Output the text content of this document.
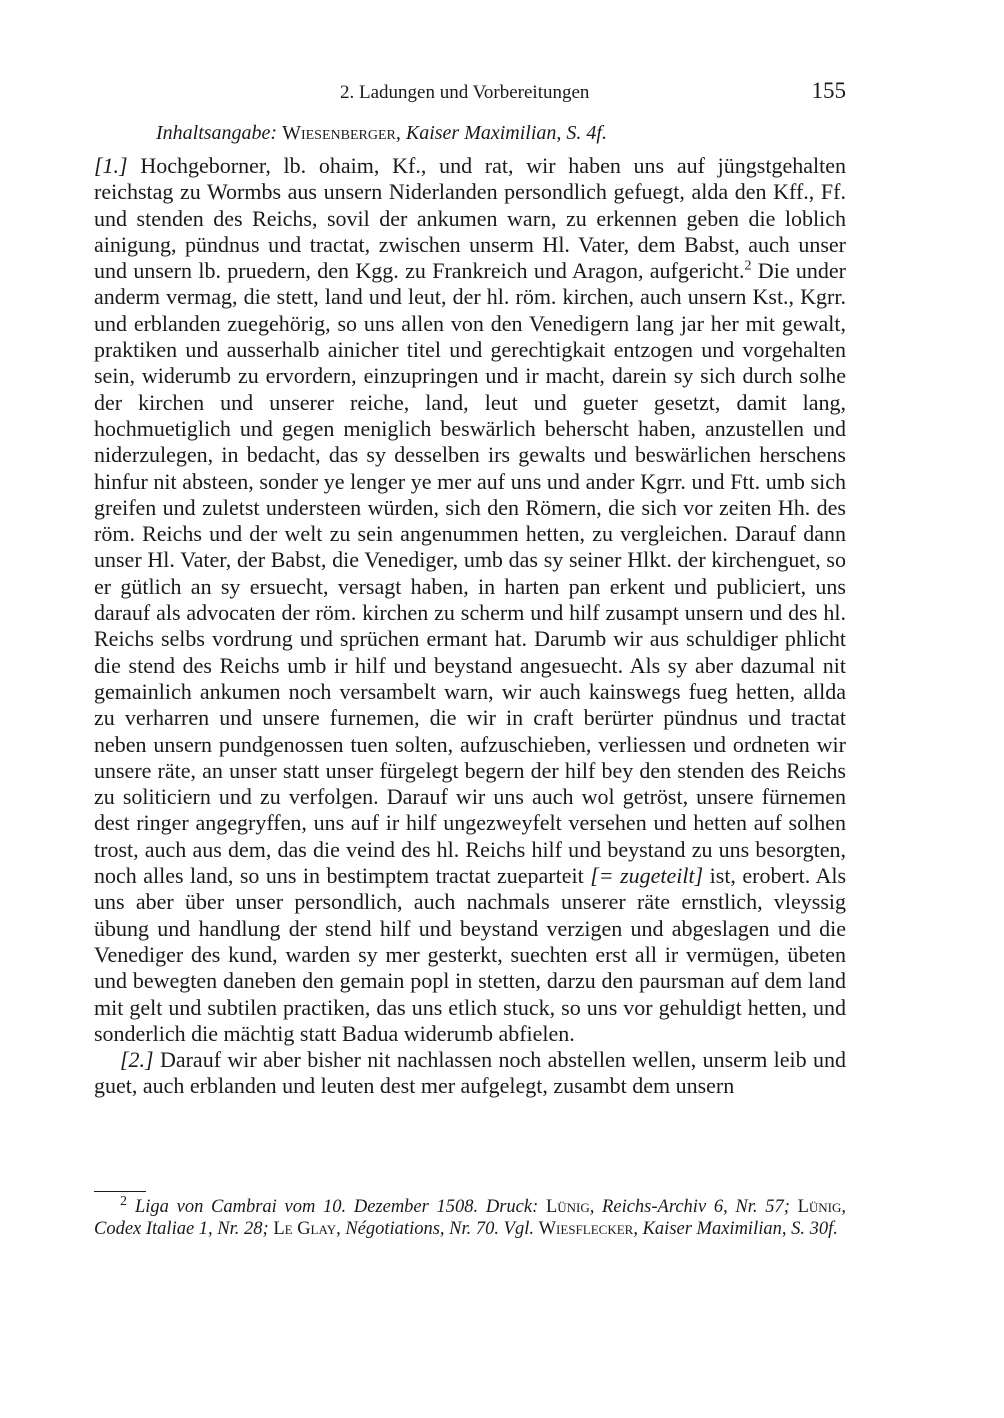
2. Ladungen und Vorbereitungen	155
Inhaltsangabe: Wiesenberger, Kaiser Maximilian, S. 4f.

[1.] Hochgeborner, lb. ohaim, Kf., und rat, wir haben uns auf jüngstgehalten reichstag zu Wormbs aus unsern Niderlanden persondlich gefuegt, alda den Kff., Ff. und stenden des Reichs, sovil der ankumen warn, zu erkennen geben die loblich ainigung, pündnus und tractat, zwischen unserm Hl. Vater, dem Babst, auch unser und unsern lb. pruedern, den Kgg. zu Frankreich und Aragon, aufgericht.$^2$ Die under anderm vermag, die stett, land und leut, der hl. röm. kirchen, auch unsern Kst., Kgrr. und erblanden zuegehörig, so uns allen von den Venedigern lang jar her mit gewalt, praktiken und ausserhalb ainicher titel und gerechtigkait entzogen und vorgehalten sein, widerumb zu ervordern, einzupringen und ir macht, darein sy sich durch solhe der kirchen und unserer reiche, land, leut und gueter gesetzt, damit lang, hochmuetiglich und gegen meniglich beswärlich beherscht haben, anzustellen und niderzulegen, in bedacht, das sy desselben irs gewalts und beswärlichen herschens hinfur nit absteen, sonder ye lenger ye mer auf uns und ander Kgrr. und Ftt. umb sich greifen und zuletst understeen würden, sich den Römern, die sich vor zeiten Hh. des röm. Reichs und der welt zu sein angenummen hetten, zu vergleichen. Darauf dann unser Hl. Vater, der Babst, die Venediger, umb das sy seiner Hlkt. der kirchenguet, so er gütlich an sy ersuecht, versagt haben, in harten pan erkent und publiciert, uns darauf als advocaten der röm. kirchen zu scherm und hilf zusampt unsern und des hl. Reichs selbs vordrung und sprüchen ermant hat. Darumb wir aus schuldiger phlicht die stend des Reichs umb ir hilf und beystand angesuecht. Als sy aber dazumal nit gemainlich ankumen noch versambelt warn, wir auch kainswegs fueg hetten, allda zu verharren und unsere furnemen, die wir in craft berürter pündnus und tractat neben unsern pundgenossen tuen solten, aufzuschieben, verliessen und ordneten wir unsere räte, an unser statt unser fürgelegt begern der hilf bey den stenden des Reichs zu soliticiern und zu verfolgen. Darauf wir uns auch wol getröst, unsere fürnemen dest ringer angegryffen, uns auf ir hilf ungezweyfelt versehen und hetten auf solhen trost, auch aus dem, das die veind des hl. Reichs hilf und beystand zu uns besorgten, noch alles land, so uns in bestimptem tractat zueparteit [= zugeteilt] ist, erobert. Als uns aber über unser persondlich, auch nachmals unserer räte ernstlich, vleyssig übung und handlung der stend hilf und beystand verzigen und abgeslagen und die Venediger des kund, warden sy mer gesterkt, suechten erst all ir vermügen, übeten und bewegten daneben den gemain popl in stetten, darzu den paursman auf dem land mit gelt und subtilen practiken, das uns etlich stuck, so uns vor gehuldigt hetten, und sonderlich die mächtig statt Badua widerumb abfielen.

[2.] Darauf wir aber bisher nit nachlassen noch abstellen wellen, unserm leib und guet, auch erblanden und leuten dest mer aufgelegt, zusambt dem unsern

$^2$ Liga von Cambrai vom 10. Dezember 1508. Druck: Lünig, Reichs-Archiv 6, Nr. 57; Lünig, Codex Italiae 1, Nr. 28; Le Glay, Négotiations, Nr. 70. Vgl. Wiesflecker, Kaiser Maximilian, S. 30f.
